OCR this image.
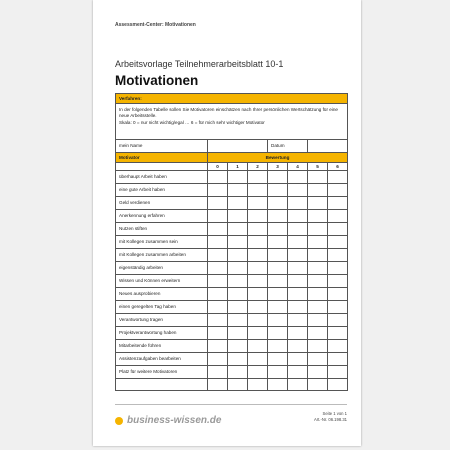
Assessment-Center: Motivationen
Arbeitsvorlage Teilnehmerarbeitsblatt 10-1
Motivationen
Verfahren:							

In der folgenden Tabelle sollen Sie Motivatoren einschätzen nach Ihrer persönlichen Wertschätzung für eine neue Arbeitsstelle.
Skala: 0 = nur nicht wichtig/egal … 6 = für mich sehr wichtiger Motivator							

mein Name				Datum			
Motivator	Bewertung						
	0	1	2	3	4	5	6
überhaupt Arbeit haben							
eine gute Arbeit haben							
Geld verdienen							
Anerkennung erfahren							
Nutzen stiften							
mit Kollegen zusammen sein							
mit Kollegen zusammen arbeiten							
eigenständig arbeiten							
Wissen und Können erweitern							
Neues ausprobieren							
einen geregelten Tag haben							
Verantwortung tragen							
Projektverantwortung haben							
Mitarbeitende führen							
Assistenzaufgaben bearbeiten							
Platz für weitere Motivatoren							

business-wissen.de
Seite 1 von 1
Art.-Nr. 06.198.31
